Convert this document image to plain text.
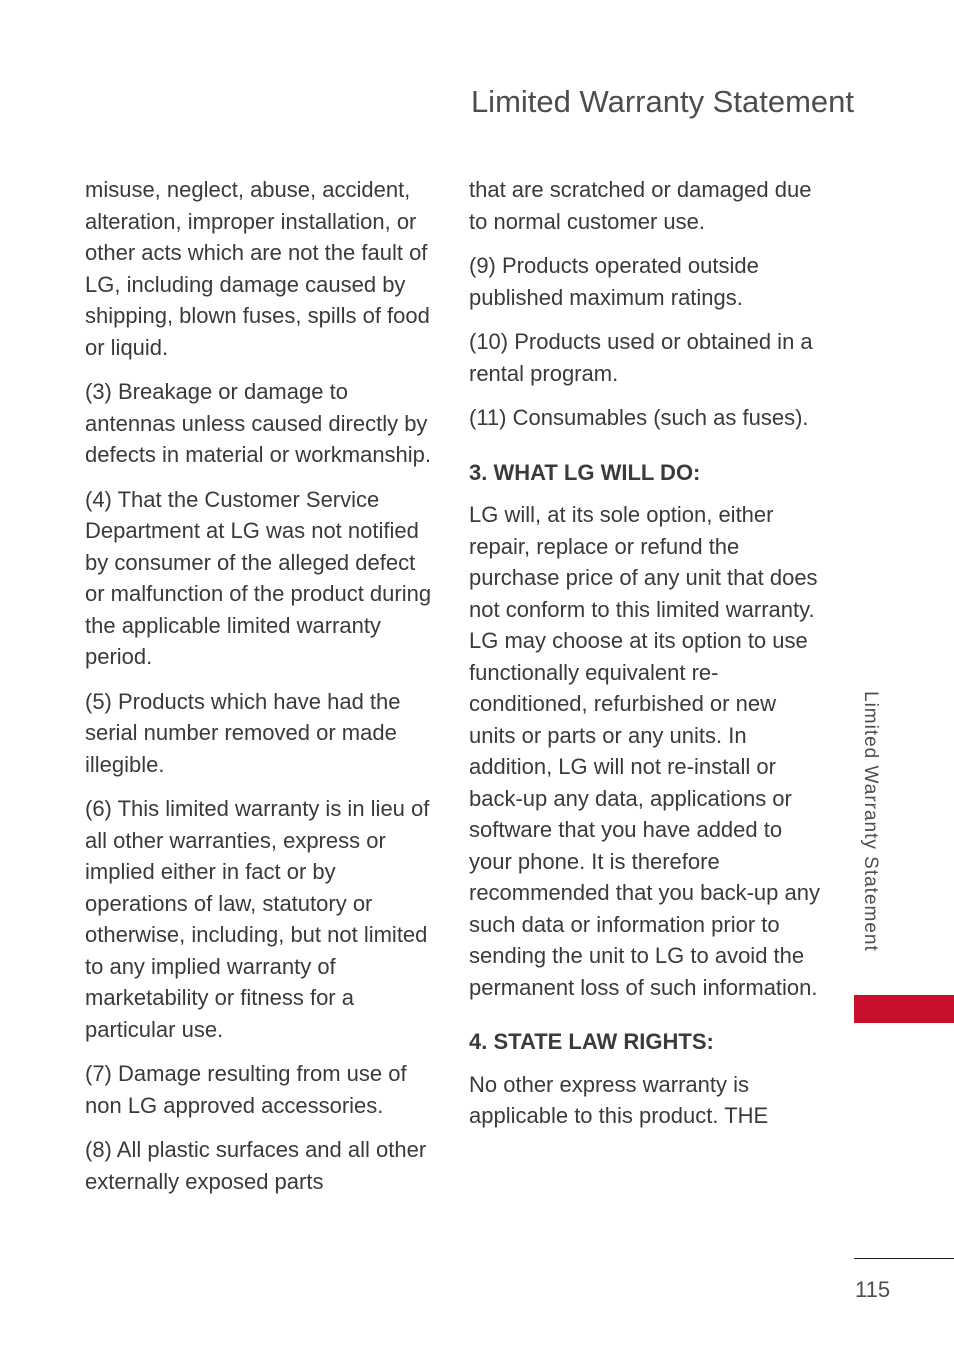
Limited Warranty Statement

misuse, neglect, abuse, accident, alteration, improper installation, or other acts which are not the fault of LG, including damage caused by shipping, blown fuses, spills of food or liquid.

(3) Breakage or damage to antennas unless caused directly by defects in material or workmanship.

(4) That the Customer Service Department at LG was not notified by consumer of the alleged defect or malfunction of the product during the applicable limited warranty period.

(5) Products which have had the serial number removed or made illegible.

(6) This limited warranty is in lieu of all other warranties, express or implied either in fact or by operations of law, statutory or otherwise, including, but not limited to any implied warranty of marketability or fitness for a particular use.

(7) Damage resulting from use of non LG approved accessories.

(8) All plastic surfaces and all other externally exposed parts

that are scratched or damaged due to normal customer use.

(9) Products operated outside published maximum ratings.

(10) Products used or obtained in a rental program.

(11) Consumables (such as fuses).

3. WHAT LG WILL DO:

LG will, at its sole option, either repair, replace or refund the purchase price of any unit that does not conform to this limited warranty. LG may choose at its option to use functionally equivalent re-conditioned, refurbished or new units or parts or any units. In addition, LG will not re-install or back-up any data, applications or software that you have added to your phone. It is therefore recommended that you back-up any such data or information prior to sending the unit to LG to avoid the permanent loss of such information.

4. STATE LAW RIGHTS:

No other express warranty is applicable to this product. THE

Limited Warranty Statement
115
